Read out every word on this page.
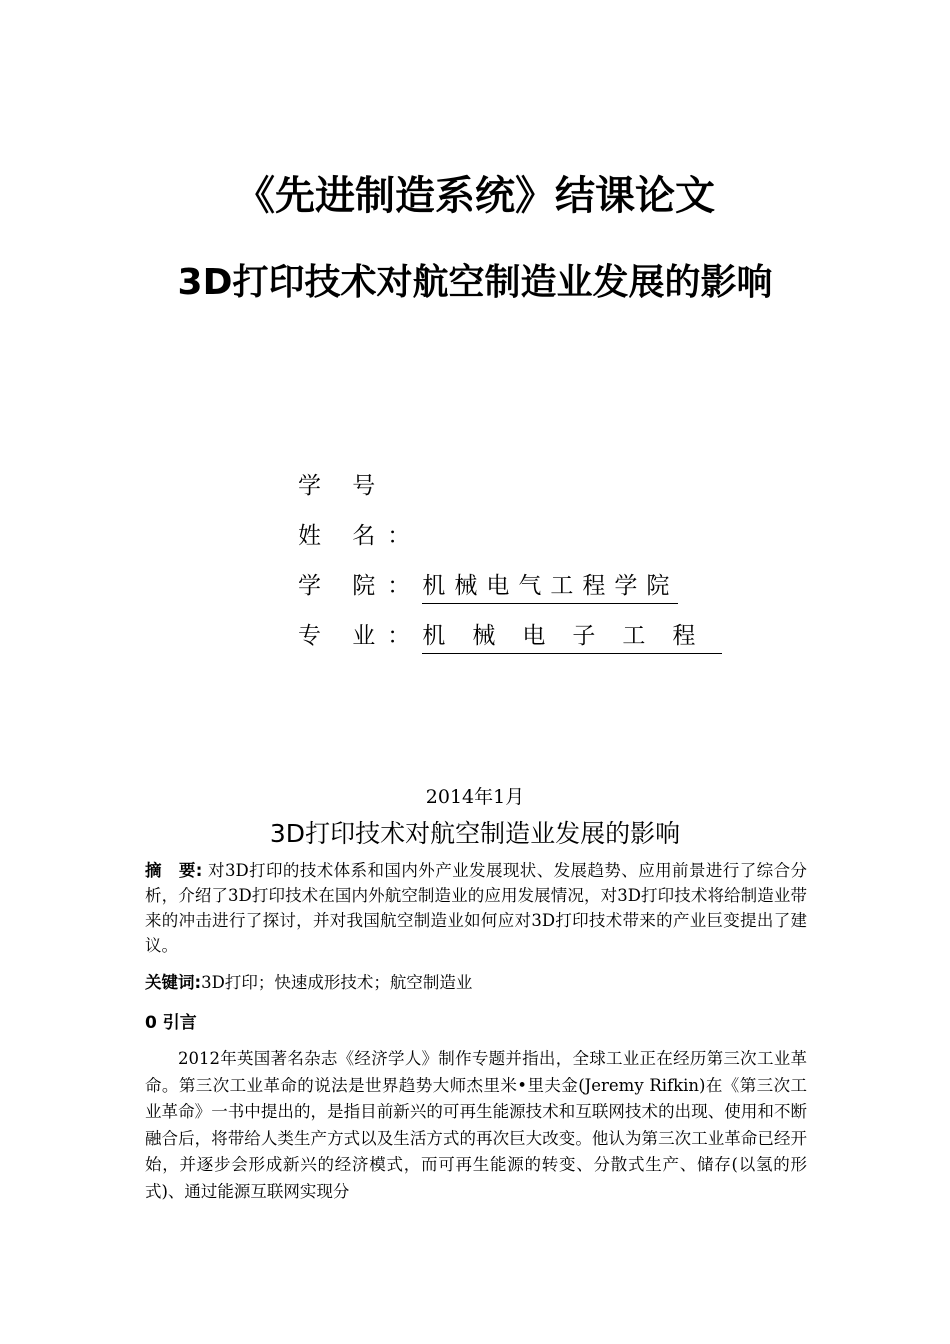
《先进制造系统》结课论文
3D打印技术对航空制造业发展的影响
学 号
姓 名：
学 院：机械电气工程学院
专 业：机械电子工程
2014年1月
3D打印技术对航空制造业发展的影响
摘　要: 对3D打印的技术体系和国内外产业发展现状、发展趋势、应用前景进行了综合分析，介绍了3D打印技术在国内外航空制造业的应用发展情况，对3D打印技术将给制造业带来的冲击进行了探讨，并对我国航空制造业如何应对3D打印技术带来的产业巨变提出了建议。
关键词:3D打印；快速成形技术；航空制造业
0 引言
2012年英国著名杂志《经济学人》制作专题并指出，全球工业正在经历第三次工业革命。第三次工业革命的说法是世界趋势大师杰里米•里夫金(Jeremy Rifkin)在《第三次工业革命》一书中提出的，是指目前新兴的可再生能源技术和互联网技术的出现、使用和不断融合后，将带给人类生产方式以及生活方式的再次巨大改变。他认为第三次工业革命已经开始，并逐步会形成新兴的经济模式，而可再生能源的转变、分散式生产、储存(以氢的形式)、通过能源互联网实现分
